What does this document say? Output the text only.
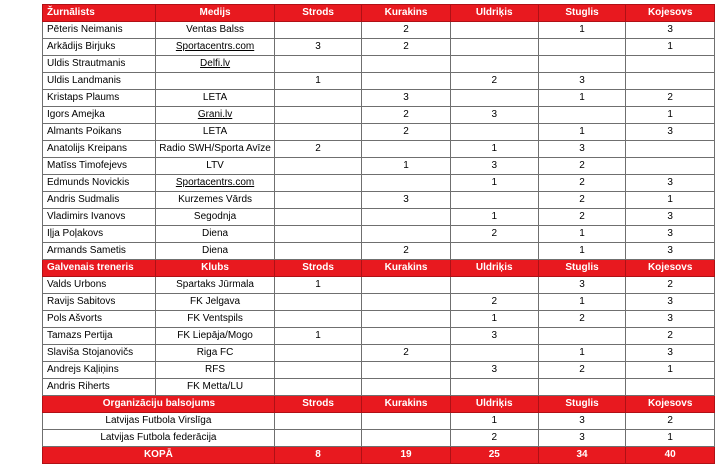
Žurnālists	Medijs	Strods	Kurakins	Uldriķis	Stuglis	Kojesovs
Pēteris Neimanis	Ventas Balss		2		1	3
Arkādijs Birjuks	Sportacentrs.com	3	2			1
Uldis Strautmanis	Delfi.lv					
Uldis Landmanis		1		2	3	
Kristaps Plaums	LETA		3		1	2
Igors Amejka	Grani.lv		2	3		1
Almants Poikans	LETA		2		1	3
Anatolijs Kreipans	Radio SWH/Sporta Avīze	2		1	3	
Matīss Timofejevs	LTV		1	3	2	
Edmunds Novickis	Sportacentrs.com			1	2	3
Andris Sudmalis	Kurzemes Vārds		3		2	1
Vladimirs Ivanovs	Segodnja			1	2	3
Iļja Poļakovs	Diena			2	1	3
Armands Sametis	Diena		2		1	3
Galvenais treneris	Klubs	Strods	Kurakins	Uldriķis	Stuglis	Kojesovs
Valds Urbons	Spartaks Jūrmala	1			3	2
Ravijs Sabitovs	FK Jelgava			2	1	3
Pols Ašvorts	FK Ventspils			1	2	3
Tamazs Pertija	FK Liepāja/Mogo	1		3		2
Slavišа Stojanovičs	Riga FC		2		1	3
Andrejs Kaļiņins	RFS			3	2	1
Andris Riherts	FK Metta/LU					
Organizāciju balsojums		Strods	Kurakins	Uldriķis	Stuglis	Kojesovs
Latvijas Futbola Virslīga				1	3	2
Latvijas Futbola federācija				2	3	1
KOPĀ		8	19	25	34	40
